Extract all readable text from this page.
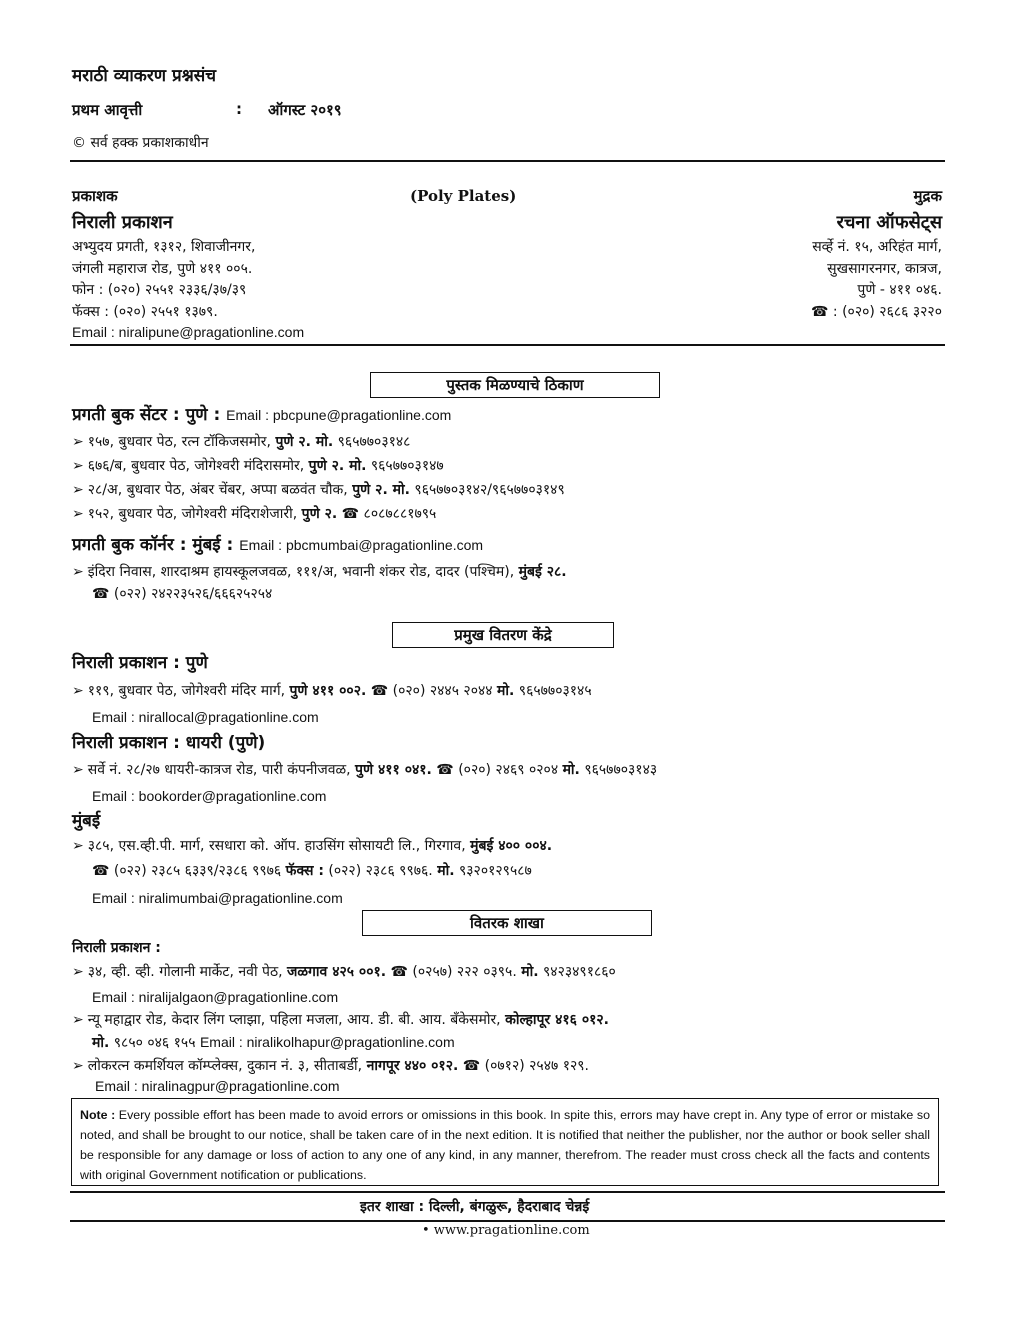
मराठी व्याकरण प्रश्नसंच
प्रथम आवृत्ती	: ऑगस्ट २०१९
© सर्व हक्क प्रकाशकाधीन
प्रकाशक
निराली प्रकाशन
अभ्युदय प्रगती, १३१२, शिवाजीनगर,
जंगली महाराज रोड, पुणे ४११ ००५.
फोन : (०२०) २५५१ २३३६/३७/३९
फॅक्स : (०२०) २५५१ १३७९.
Email : niralipune@pragationline.com
(Poly Plates)	मुद्रक
रचना ऑफसेट्स
सर्व्हे नं. १५, अरिहंत मार्ग,
सुखसागरनगर, कात्रज,
पुणे - ४११ ०४६.
☎ : (०२०) २६८६ ३२२०
पुस्तक मिळण्याचे ठिकाण
प्रगती बुक सेंटर : पुणे : Email : pbcpune@pragationline.com
➢ १५७, बुधवार पेठ, रत्न टॉकिजसमोर, पुणे २. मो. ९६५७७०३१४८
➢ ६७६/ब, बुधवार पेठ, जोगेश्वरी मंदिरासमोर, पुणे २. मो. ९६५७७०३१४७
➢ २८/अ, बुधवार पेठ, अंबर चेंबर, अप्पा बळवंत चौक, पुणे २. मो. ९६५७७०३१४२/९६५७७०३१४९
➢ १५२, बुधवार पेठ, जोगेश्वरी मंदिराशेजारी, पुणे २. ☎ ८०८७८८१७९५
प्रगती बुक कॉर्नर : मुंबई : Email : pbcmumbai@pragationline.com
➢ इंदिरा निवास, शारदाश्रम हायस्कूलजवळ, १११/अ, भवानी शंकर रोड, दादर (पश्चिम), मुंबई २८.
☎ (०२२) २४२२३५२६/६६६२५२५४
प्रमुख वितरण केंद्रे
निराली प्रकाशन : पुणे
➢ ११९, बुधवार पेठ, जोगेश्वरी मंदिर मार्ग, पुणे ४११ ००२. ☎ (०२०) २४४५ २०४४ मो. ९६५७७०३१४५
Email : nirallocal@pragationline.com
निराली प्रकाशन : धायरी (पुणे)
➢ सर्वे नं. २८/२७ धायरी-कात्रज रोड, पारी कंपनीजवळ, पुणे ४११ ०४१. ☎ (०२०) २४६९ ०२०४ मो. ९६५७७०३१४३
Email : bookorder@pragationline.com
मुंबई
➢ ३८५, एस.व्ही.पी. मार्ग, रसधारा को. ऑप. हाउसिंग सोसायटी लि., गिरगाव, मुंबई ४०० ००४.
☎ (०२२) २३८५ ६३३९/२३८६ ९९७६ फॅक्स : (०२२) २३८६ ९९७६. मो. ९३२०१२९५८७
Email : niralimumbai@pragationline.com
वितरक शाखा
निराली प्रकाशन :
➢ ३४, व्ही. व्ही. गोलानी मार्केट, नवी पेठ, जळगाव ४२५ ००१. ☎ (०२५७) २२२ ०३९५. मो. ९४२३४९१८६०
Email : niralijalgaon@pragationline.com
➢ न्यू महाद्वार रोड, केदार लिंग प्लाझा, पहिला मजला, आय. डी. बी. आय. बँकेसमोर, कोल्हापूर ४१६ ०१२.
मो. ९८५० ०४६ १५५ Email : niralikolhapur@pragationline.com
➢ लोकरत्न कमर्शियल कॉम्प्लेक्स, दुकान नं. ३, सीताबर्डी, नागपूर ४४० ०१२. ☎ (०७१२) २५४७ १२९.
Email : niralinagpur@pragationline.com
Note : Every possible effort has been made to avoid errors or omissions in this book. In spite this, errors may have crept in. Any type of error or mistake so noted, and shall be brought to our notice, shall be taken care of in the next edition. It is notified that neither the publisher, nor the author or book seller shall be responsible for any damage or loss of action to any one of any kind, in any manner, therefrom. The reader must cross check all the facts and contents with original Government notification or publications.
इतर शाखा : दिल्ली, बंगळुरू, हैदराबाद चेन्नई
• www.pragationline.com
